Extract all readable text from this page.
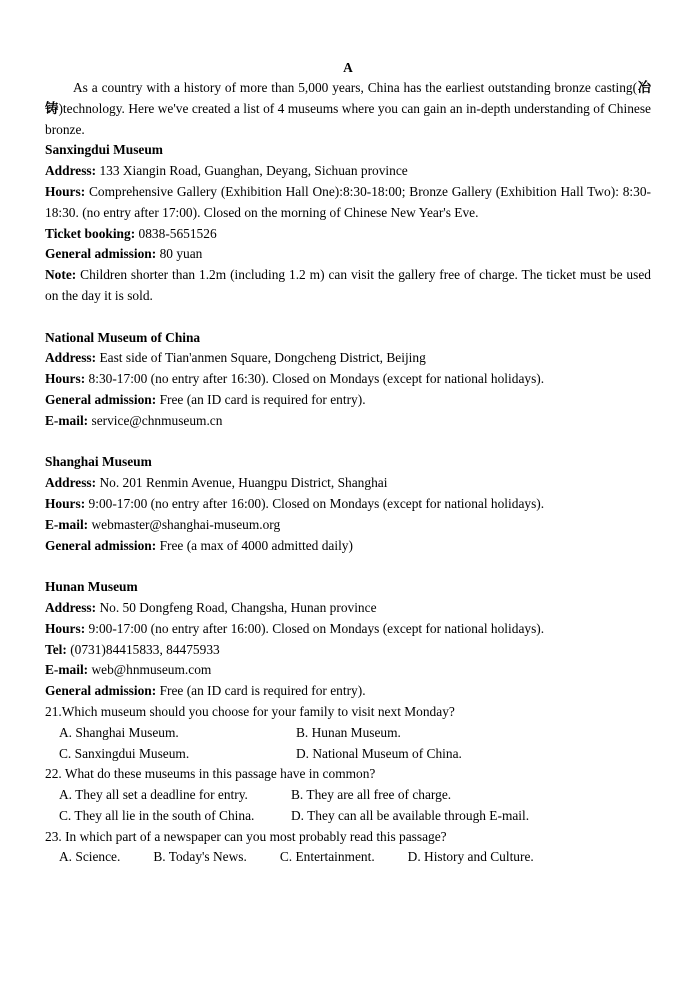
A

As a country with a history of more than 5,000 years, China has the earliest outstanding bronze casting(冶铸)technology. Here we've created a list of 4 museums where you can gain an in-depth understanding of Chinese bronze.

Sanxingdui Museum
Address: 133 Xiangin Road, Guanghan, Deyang, Sichuan province
Hours: Comprehensive Gallery (Exhibition Hall One):8:30-18:00; Bronze Gallery (Exhibition Hall Two): 8:30-18:30. (no entry after 17:00). Closed on the morning of Chinese New Year's Eve.
Ticket booking: 0838-5651526
General admission: 80 yuan
Note: Children shorter than 1.2m (including 1.2 m) can visit the gallery free of charge. The ticket must be used on the day it is sold.
National Museum of China
Address: East side of Tian'anmen Square, Dongcheng District, Beijing
Hours: 8:30-17:00 (no entry after 16:30). Closed on Mondays (except for national holidays).
General admission: Free (an ID card is required for entry).
E-mail: service@chnmuseum.cn
Shanghai Museum
Address: No. 201 Renmin Avenue, Huangpu District, Shanghai
Hours: 9:00-17:00 (no entry after 16:00). Closed on Mondays (except for national holidays).
E-mail: webmaster@shanghai-museum.org
General admission: Free (a max of 4000 admitted daily)
Hunan Museum
Address: No. 50 Dongfeng Road, Changsha, Hunan province
Hours: 9:00-17:00 (no entry after 16:00). Closed on Mondays (except for national holidays).
Tel: (0731)84415833, 84475933
E-mail: web@hnmuseum.com
General admission: Free (an ID card is required for entry).
21.Which museum should you choose for your family to visit next Monday?
A. Shanghai Museum.	B. Hunan Museum.
C. Sanxingdui Museum.	D. National Museum of China.
22. What do these museums in this passage have in common?
A. They all set a deadline for entry.	B. They are all free of charge.
C. They all lie in the south of China.	D. They can all be available through E-mail.
23. In which part of a newspaper can you most probably read this passage?
A. Science. B. Today's News. C. Entertainment. D. History and Culture.
